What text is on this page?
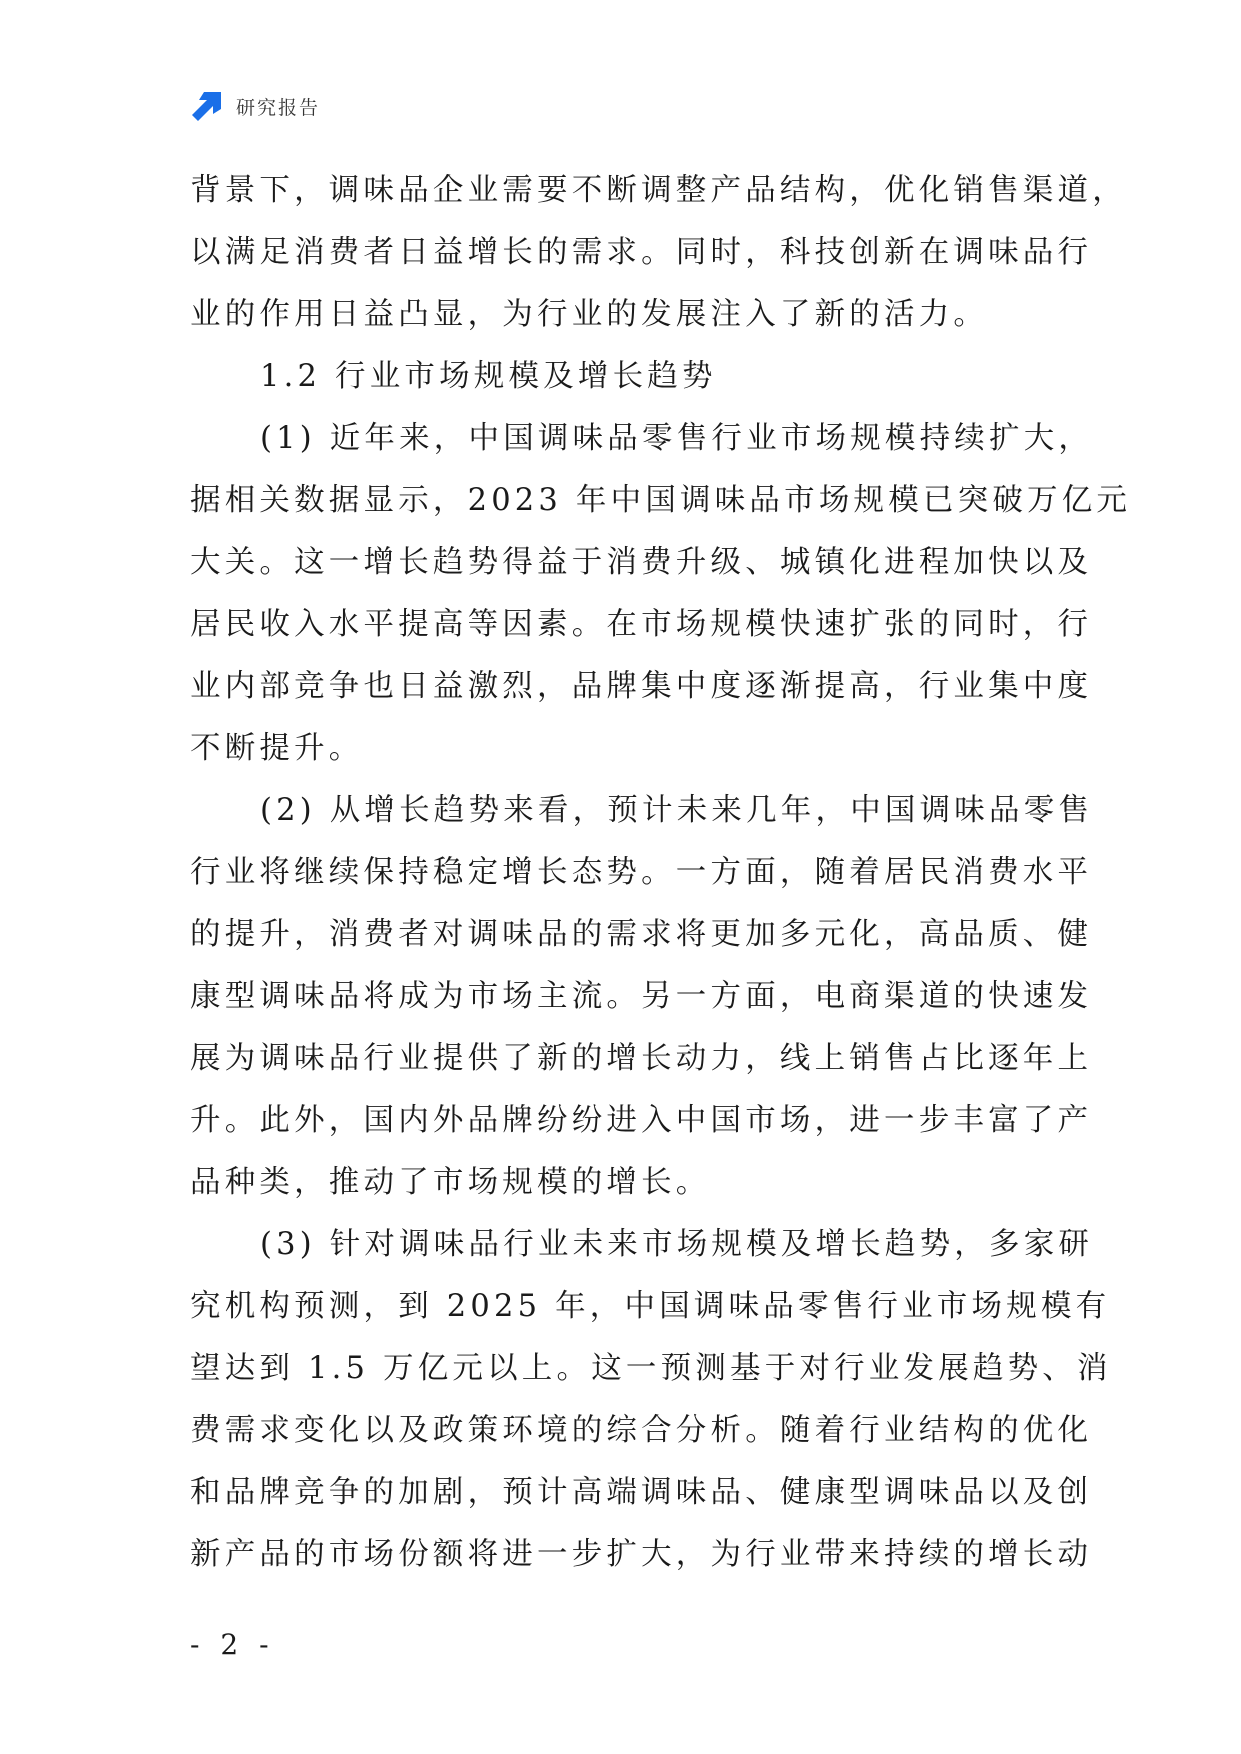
研究报告
背景下，调味品企业需要不断调整产品结构，优化销售渠道，
以满足消费者日益增长的需求。同时，科技创新在调味品行
业的作用日益凸显，为行业的发展注入了新的活力。
1.2 行业市场规模及增长趋势
(1) 近年来，中国调味品零售行业市场规模持续扩大，
据相关数据显示，2023 年中国调味品市场规模已突破万亿元
大关。这一增长趋势得益于消费升级、城镇化进程加快以及
居民收入水平提高等因素。在市场规模快速扩张的同时，行
业内部竞争也日益激烈，品牌集中度逐渐提高，行业集中度
不断提升。
(2) 从增长趋势来看，预计未来几年，中国调味品零售
行业将继续保持稳定增长态势。一方面，随着居民消费水平
的提升，消费者对调味品的需求将更加多元化，高品质、健
康型调味品将成为市场主流。另一方面，电商渠道的快速发
展为调味品行业提供了新的增长动力，线上销售占比逐年上
升。此外，国内外品牌纷纷进入中国市场，进一步丰富了产
品种类，推动了市场规模的增长。
(3) 针对调味品行业未来市场规模及增长趋势，多家研
究机构预测，到 2025 年，中国调味品零售行业市场规模有
望达到 1.5 万亿元以上。这一预测基于对行业发展趋势、消
费需求变化以及政策环境的综合分析。随着行业结构的优化
和品牌竞争的加剧，预计高端调味品、健康型调味品以及创
新产品的市场份额将进一步扩大，为行业带来持续的增长动
- 2 -
